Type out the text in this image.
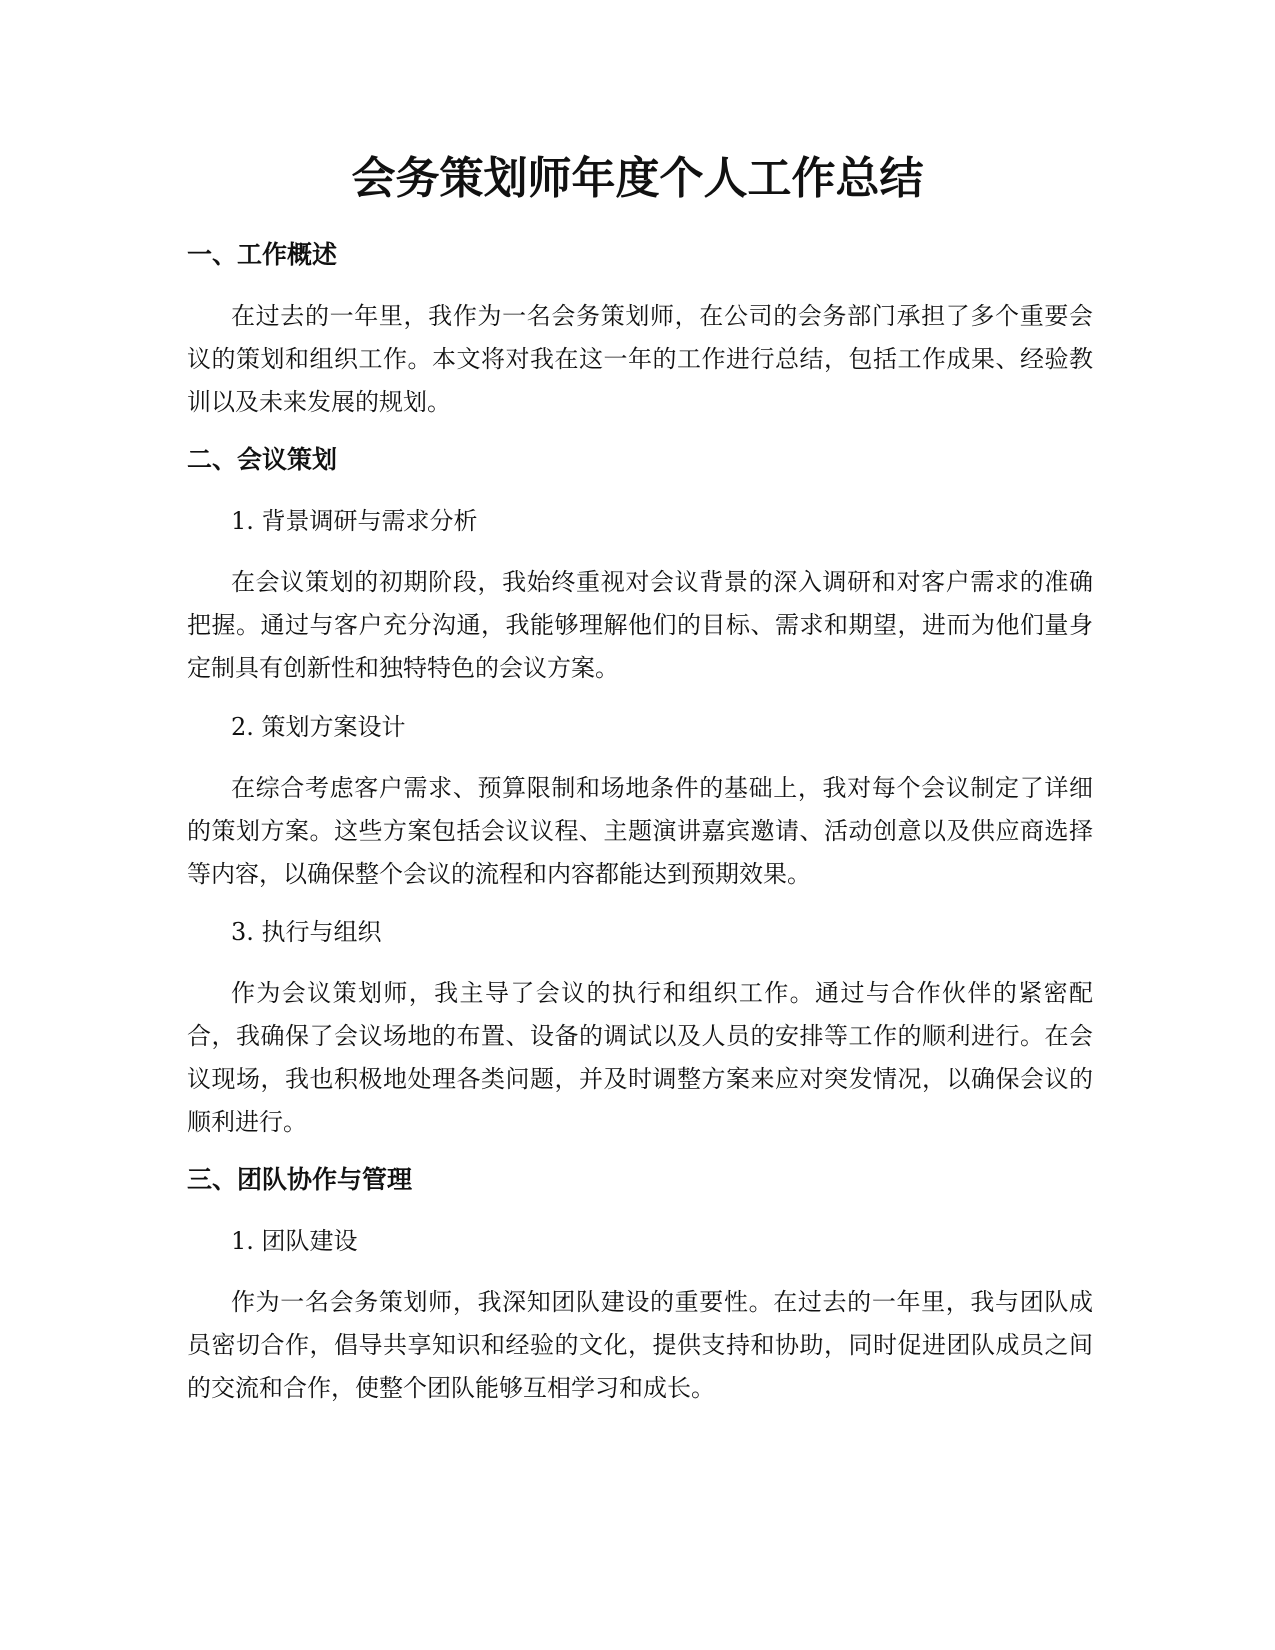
会务策划师年度个人工作总结
一、工作概述

在过去的一年里，我作为一名会务策划师，在公司的会务部门承担了多个重要会议的策划和组织工作。本文将对我在这一年的工作进行总结，包括工作成果、经验教训以及未来发展的规划。

二、会议策划

1. 背景调研与需求分析

在会议策划的初期阶段，我始终重视对会议背景的深入调研和对客户需求的准确把握。通过与客户充分沟通，我能够理解他们的目标、需求和期望，进而为他们量身定制具有创新性和独特特色的会议方案。

2. 策划方案设计

在综合考虑客户需求、预算限制和场地条件的基础上，我对每个会议制定了详细的策划方案。这些方案包括会议议程、主题演讲嘉宾邀请、活动创意以及供应商选择等内容，以确保整个会议的流程和内容都能达到预期效果。

3. 执行与组织

作为会议策划师，我主导了会议的执行和组织工作。通过与合作伙伴的紧密配合，我确保了会议场地的布置、设备的调试以及人员的安排等工作的顺利进行。在会议现场，我也积极地处理各类问题，并及时调整方案来应对突发情况，以确保会议的顺利进行。

三、团队协作与管理

1. 团队建设

作为一名会务策划师，我深知团队建设的重要性。在过去的一年里，我与团队成员密切合作，倡导共享知识和经验的文化，提供支持和协助，同时促进团队成员之间的交流和合作，使整个团队能够互相学习和成长。
